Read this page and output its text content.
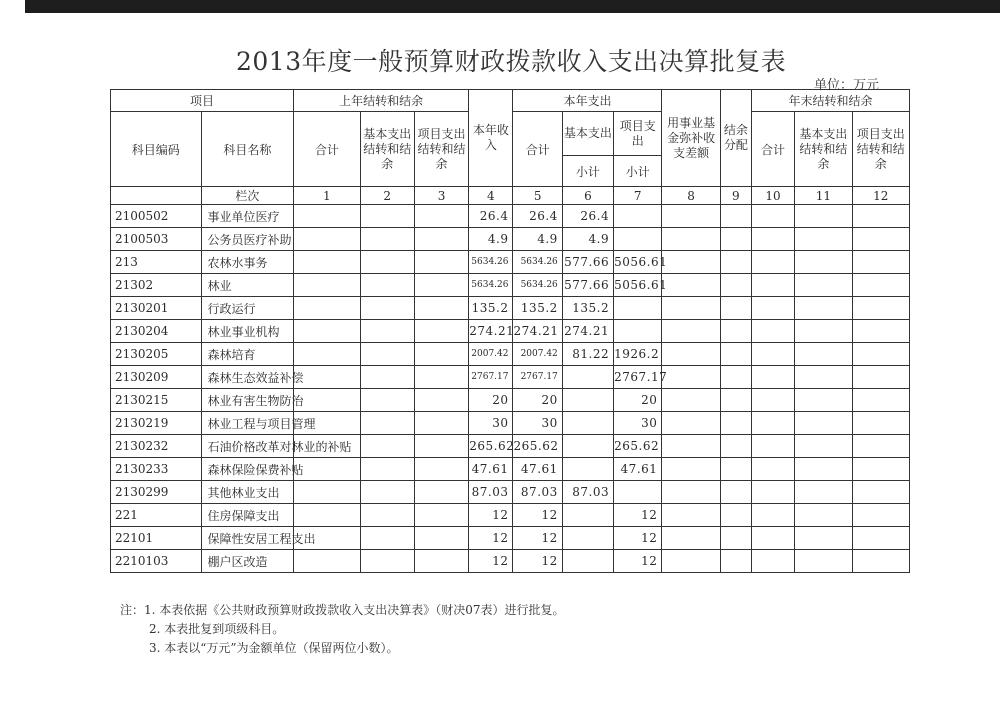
2013年度一般预算财政拨款收入支出决算批复表
单位：万元
项目		上年结转和结余			本年收入	本年支出			用事业基金弥补收支差额	结余分配	年末结转和结余		
科目编码	科目名称	合计	基本支出结转和结余	项目支出结转和结余		合计	基本支出	项目支出			合计	基本支出结转和结余	项目支出结转和结余
							小计	小计					
	栏次	1	2	3	4	5	6	7	8	9	10	11	12
2100502	事业单位医疗				26.4	26.4	26.4						
2100503	公务员医疗补助				4.9	4.9	4.9						
213	农林水事务				5634.26	5634.26	577.66	5056.61					
21302	林业				5634.26	5634.26	577.66	5056.61					
2130201	行政运行				135.2	135.2	135.2						
2130204	林业事业机构				274.21	274.21	274.21						
2130205	森林培育				2007.42	2007.42	81.22	1926.2					
2130209	森林生态效益补偿				2767.17	2767.17		2767.17					
2130215	林业有害生物防治				20	20		20					
2130219	林业工程与项目管理				30	30		30					
2130232	石油价格改革对林业的补贴				265.62	265.62		265.62					
2130233	森林保险保费补贴				47.61	47.61		47.61					
2130299	其他林业支出				87.03	87.03	87.03						
221	住房保障支出				12	12		12					
22101	保障性安居工程支出				12	12		12					
2210103	棚户区改造				12	12		12					
注：1. 本表依据《公共财政预算财政拨款收入支出决算表》（财决07表）进行批复。
2. 本表批复到项级科目。
3. 本表以“万元”为金额单位（保留两位小数）。
